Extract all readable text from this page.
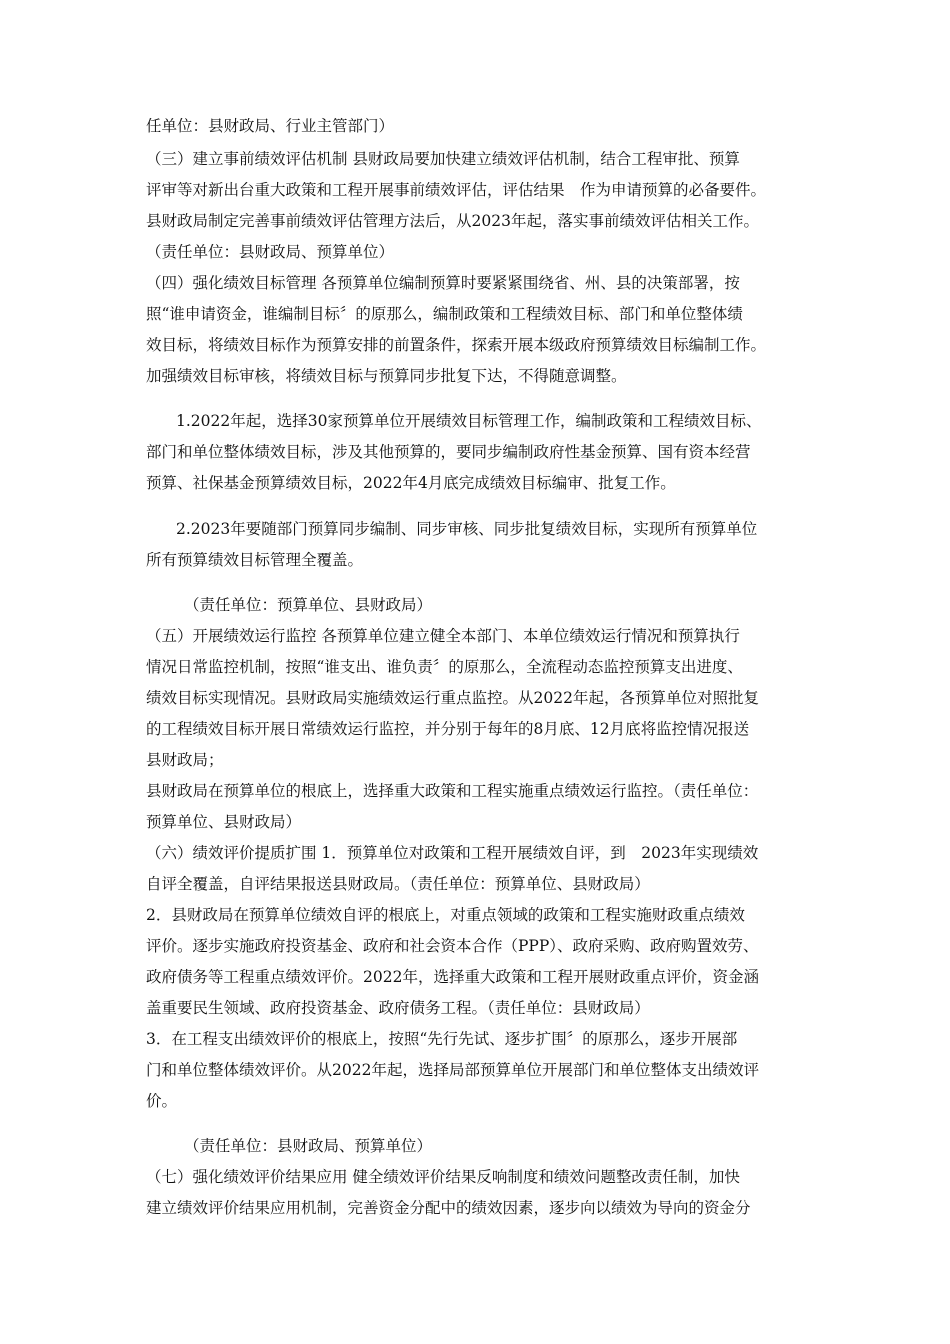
任单位：县财政局、行业主管部门）
（三）建立事前绩效评估机制 县财政局要加快建立绩效评估机制，结合工程审批、预算
评审等对新出台重大政策和工程开展事前绩效评估，评估结果　作为申请预算的必备要件。
县财政局制定完善事前绩效评估管理方法后，从2023年起，落实事前绩效评估相关工作。
（责任单位：县财政局、预算单位）
（四）强化绩效目标管理 各预算单位编制预算时要紧紧围绕省、州、县的决策部署，按
照“谁申请资金，谁编制目标〞的原那么，编制政策和工程绩效目标、部门和单位整体绩
效目标，将绩效目标作为预算安排的前置条件，探索开展本级政府预算绩效目标编制工作。
加强绩效目标审核，将绩效目标与预算同步批复下达，不得随意调整。
1.2022年起，选择30家预算单位开展绩效目标管理工作，编制政策和工程绩效目标、
部门和单位整体绩效目标，涉及其他预算的，要同步编制政府性基金预算、国有资本经营
预算、社保基金预算绩效目标，2022年4月底完成绩效目标编审、批复工作。
2.2023年要随部门预算同步编制、同步审核、同步批复绩效目标，实现所有预算单位
所有预算绩效目标管理全覆盖。
（责任单位：预算单位、县财政局）
（五）开展绩效运行监控 各预算单位建立健全本部门、本单位绩效运行情况和预算执行
情况日常监控机制，按照“谁支出、谁负责〞的原那么，全流程动态监控预算支出进度、
绩效目标实现情况。县财政局实施绩效运行重点监控。从2022年起，各预算单位对照批复
的工程绩效目标开展日常绩效运行监控，并分别于每年的8月底、12月底将监控情况报送
县财政局；
县财政局在预算单位的根底上，选择重大政策和工程实施重点绩效运行监控。（责任单位：
预算单位、县财政局）
（六）绩效评价提质扩围 1．预算单位对政策和工程开展绩效自评，到　2023年实现绩效
自评全覆盖，自评结果报送县财政局。（责任单位：预算单位、县财政局）
2．县财政局在预算单位绩效自评的根底上，对重点领域的政策和工程实施财政重点绩效
评价。逐步实施政府投资基金、政府和社会资本合作（PPP）、政府采购、政府购置效劳、
政府债务等工程重点绩效评价。2022年，选择重大政策和工程开展财政重点评价，资金涵
盖重要民生领域、政府投资基金、政府债务工程。（责任单位：县财政局）
3．在工程支出绩效评价的根底上，按照“先行先试、逐步扩围〞的原那么，逐步开展部
门和单位整体绩效评价。从2022年起，选择局部预算单位开展部门和单位整体支出绩效评
价。
（责任单位：县财政局、预算单位）
（七）强化绩效评价结果应用 健全绩效评价结果反响制度和绩效问题整改责任制，加快
建立绩效评价结果应用机制，完善资金分配中的绩效因素，逐步向以绩效为导向的资金分
